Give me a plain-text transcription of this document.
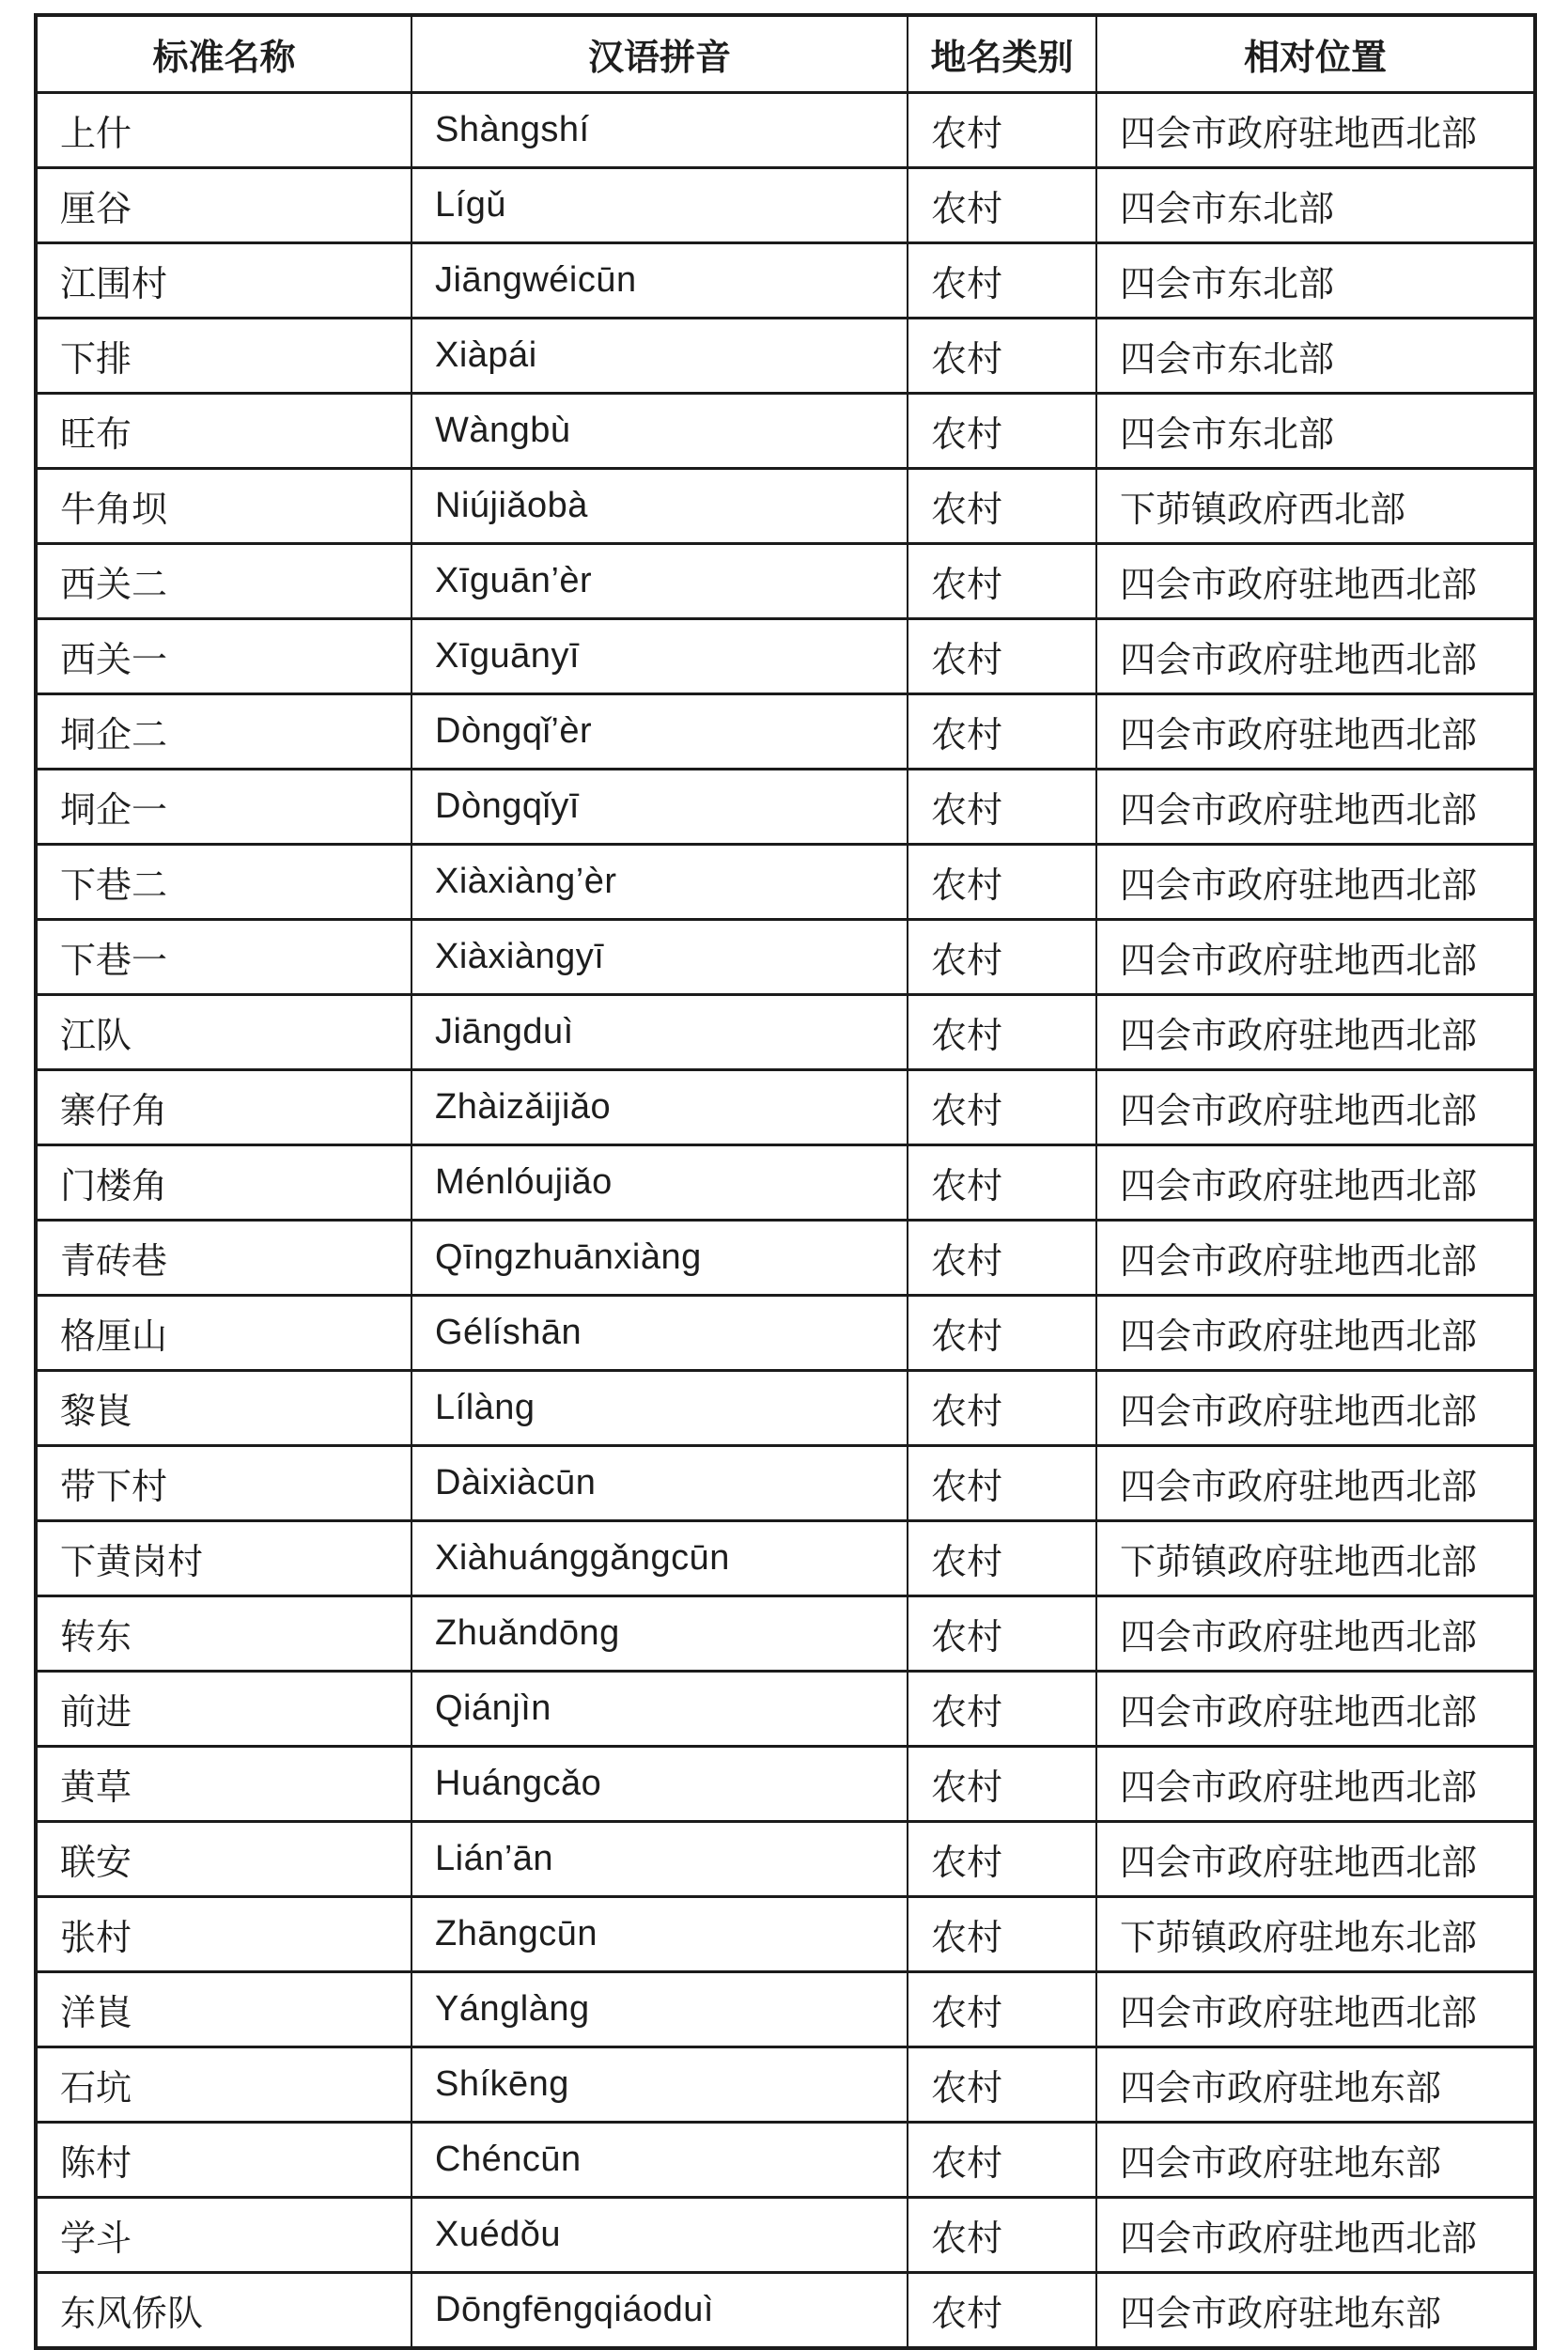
标准名称	汉语拼音	地名类别	相对位置
上什	Shàngshí	农村	四会市政府驻地西北部
厘谷	Lígǔ	农村	四会市东北部
江围村	Jiāngwéicūn	农村	四会市东北部
下排	Xiàpái	农村	四会市东北部
旺布	Wàngbù	农村	四会市东北部
牛角坝	Niújiǎobà	农村	下茆镇政府西北部
西关二	Xīguān’èr	农村	四会市政府驻地西北部
西关一	Xīguānyī	农村	四会市政府驻地西北部
垌企二	Dòngqǐ’èr	农村	四会市政府驻地西北部
垌企一	Dòngqǐyī	农村	四会市政府驻地西北部
下巷二	Xiàxiàng’èr	农村	四会市政府驻地西北部
下巷一	Xiàxiàngyī	农村	四会市政府驻地西北部
江队	Jiāngduì	农村	四会市政府驻地西北部
寨仔角	Zhàizǎijiǎo	农村	四会市政府驻地西北部
门楼角	Ménlóujiǎo	农村	四会市政府驻地西北部
青砖巷	Qīngzhuānxiàng	农村	四会市政府驻地西北部
格厘山	Gélíshān	农村	四会市政府驻地西北部
黎崀	Lílàng	农村	四会市政府驻地西北部
带下村	Dàixiàcūn	农村	四会市政府驻地西北部
下黄岗村	Xiàhuánggǎngcūn	农村	下茆镇政府驻地西北部
转东	Zhuǎndōng	农村	四会市政府驻地西北部
前进	Qiánjìn	农村	四会市政府驻地西北部
黄草	Huángcǎo	农村	四会市政府驻地西北部
联安	Lián’ān	农村	四会市政府驻地西北部
张村	Zhāngcūn	农村	下茆镇政府驻地东北部
洋崀	Yánglàng	农村	四会市政府驻地西北部
石坑	Shíkēng	农村	四会市政府驻地东部
陈村	Chéncūn	农村	四会市政府驻地东部
学斗	Xuédǒu	农村	四会市政府驻地西北部
东风侨队	Dōngfēngqiáoduì	农村	四会市政府驻地东部
